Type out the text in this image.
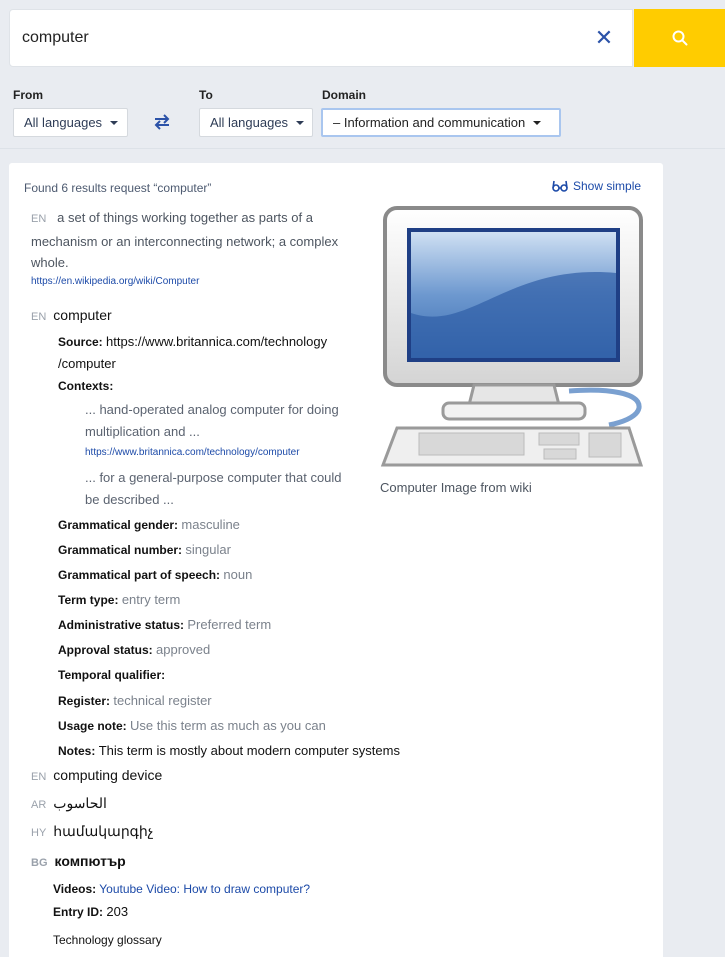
computer
✕
From
All languages
To
All languages
Domain
– Information and communication
Found 6 results request “computer”	Show simple
EN a set of things working together as parts of a mechanism or an interconnecting network; a complex whole.
https://en.wikipedia.org/wiki/Computer
EN computer
Source: https://www.britannica.com/technology
/computer
Contexts:
... hand-operated analog computer for doing
multiplication and ...
https://www.britannica.com/technology/computer
... for a general-purpose computer that could
be described ...
Grammatical gender: masculine
Grammatical number: singular
Grammatical part of speech: noun
Term type: entry term
Administrative status: Preferred term
Approval status: approved
Temporal qualifier:
Register: technical register
Usage note: Use this term as much as you can
Notes: This term is mostly about modern computer systems
EN computing device
AR الحاسوب
HY համակարգիչ
BG компютър
Videos: Youtube Video: How to draw computer?
Entry ID: 203
Technology glossary
Computer Image from wiki
